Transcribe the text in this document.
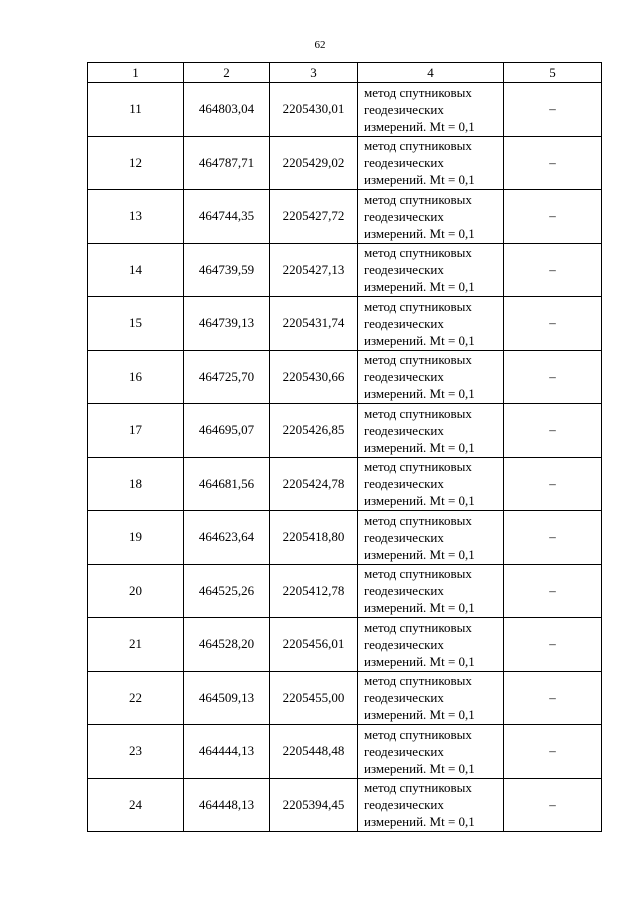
62
1	2	3	4	5
11	464803,04	2205430,01	метод спутниковых
геодезических
измерений. Mt = 0,1	–
12	464787,71	2205429,02	метод спутниковых
геодезических
измерений. Mt = 0,1	–
13	464744,35	2205427,72	метод спутниковых
геодезических
измерений. Mt = 0,1	–
14	464739,59	2205427,13	метод спутниковых
геодезических
измерений. Mt = 0,1	–
15	464739,13	2205431,74	метод спутниковых
геодезических
измерений. Mt = 0,1	–
16	464725,70	2205430,66	метод спутниковых
геодезических
измерений. Mt = 0,1	–
17	464695,07	2205426,85	метод спутниковых
геодезических
измерений. Mt = 0,1	–
18	464681,56	2205424,78	метод спутниковых
геодезических
измерений. Mt = 0,1	–
19	464623,64	2205418,80	метод спутниковых
геодезических
измерений. Mt = 0,1	–
20	464525,26	2205412,78	метод спутниковых
геодезических
измерений. Mt = 0,1	–
21	464528,20	2205456,01	метод спутниковых
геодезических
измерений. Mt = 0,1	–
22	464509,13	2205455,00	метод спутниковых
геодезических
измерений. Mt = 0,1	–
23	464444,13	2205448,48	метод спутниковых
геодезических
измерений. Mt = 0,1	–
24	464448,13	2205394,45	метод спутниковых
геодезических
измерений. Mt = 0,1	–
